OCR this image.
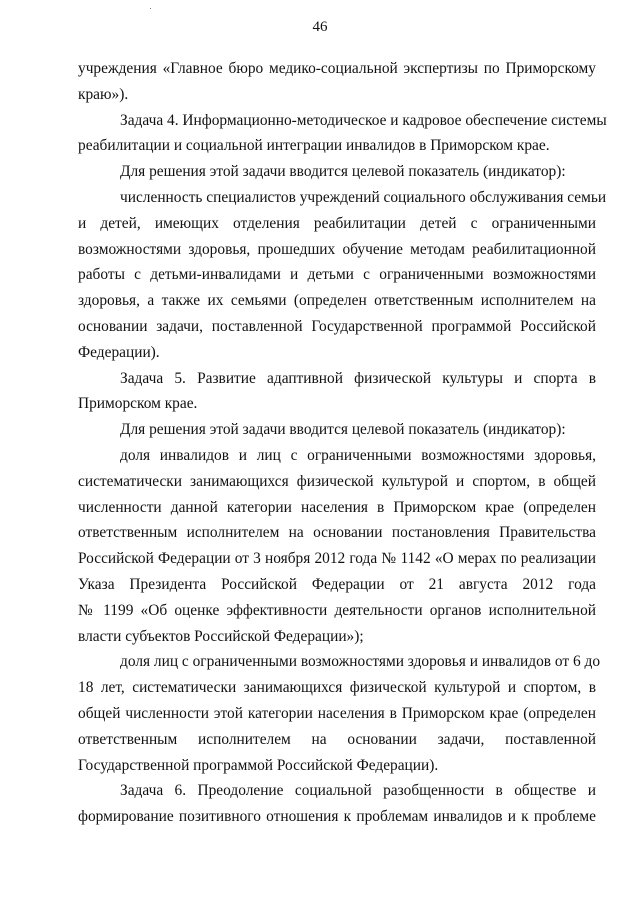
46
учреждения «Главное бюро медико-социальной экспертизы по Приморскому
краю»).
Задача 4. Информационно-методическое и кадровое обеспечение системы
реабилитации и социальной интеграции инвалидов в Приморском крае.
Для решения этой задачи вводится целевой показатель (индикатор):
численность специалистов учреждений социального обслуживания семьи
и детей, имеющих отделения реабилитации детей с ограниченными
возможностями здоровья, прошедших обучение методам реабилитационной
работы с детьми-инвалидами и детьми с ограниченными возможностями
здоровья, а также их семьями (определен ответственным исполнителем на
основании задачи, поставленной Государственной программой Российской
Федерации).
Задача 5. Развитие адаптивной физической культуры и спорта в
Приморском крае.
Для решения этой задачи вводится целевой показатель (индикатор):
доля инвалидов и лиц с ограниченными возможностями здоровья,
систематически занимающихся физической культурой и спортом, в общей
численности данной категории населения в Приморском крае (определен
ответственным исполнителем на основании постановления Правительства
Российской Федерации от 3 ноября 2012 года № 1142 «О мерах по реализации
Указа Президента Российской Федерации от 21 августа 2012 года
№ 1199 «Об оценке эффективности деятельности органов исполнительной
власти субъектов Российской Федерации»);
доля лиц с ограниченными возможностями здоровья и инвалидов от 6 до
18 лет, систематически занимающихся физической культурой и спортом, в
общей численности этой категории населения в Приморском крае (определен
ответственным исполнителем на основании задачи, поставленной
Государственной программой Российской Федерации).
Задача 6. Преодоление социальной разобщенности в обществе и
формирование позитивного отношения к проблемам инвалидов и к проблеме
